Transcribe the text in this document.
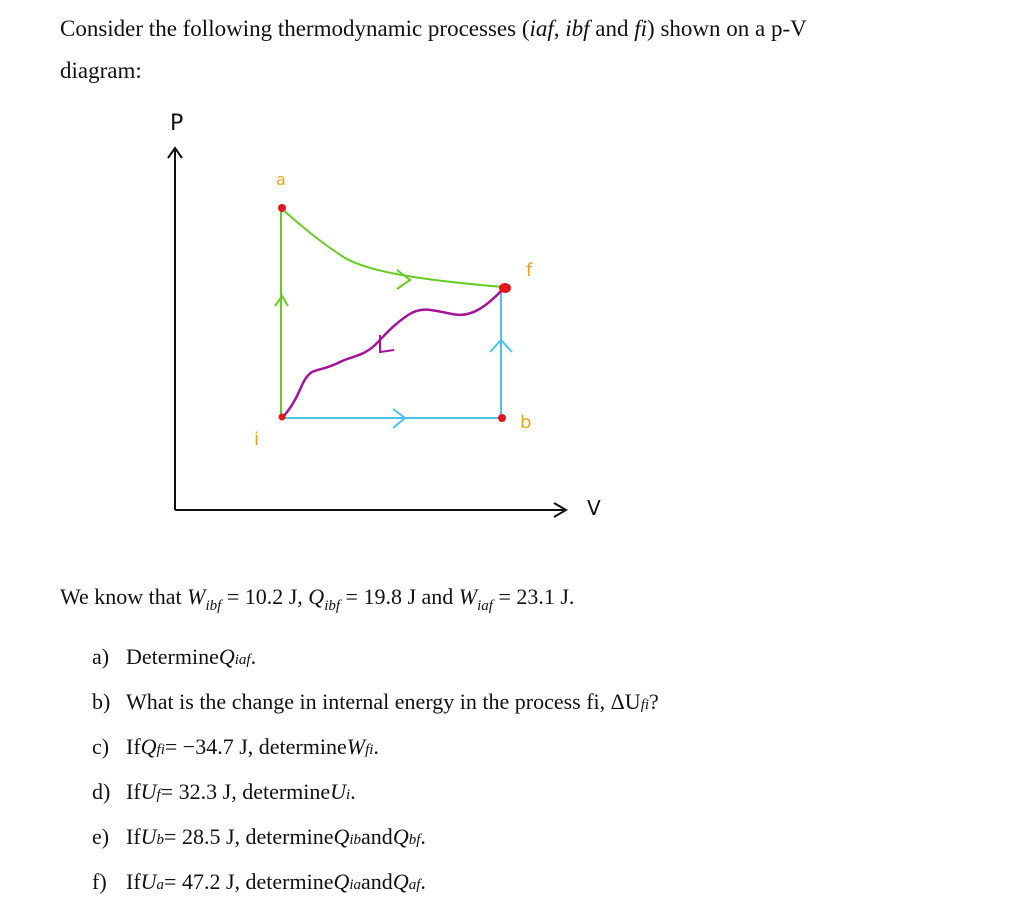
Consider the following thermodynamic processes (iaf, ibf and fi) shown on a p-V
diagram:
P
V
a
f
b
i
We know that $W_{ibf} = 10.2$ J, $Q_{ibf} = 19.8$ J and $W_{iaf} = 23.1$ J.
a) Determine Q iaf .
b) What is the change in internal energy in the process fi, ΔU fi ?
c) If Q fi = −34.7 J, determine W fi .
d) If U f = 32.3 J, determine U i .
e) If U b = 28.5 J, determine Q ib and Q bf .
f) If U a = 47.2 J, determine Q ia and Q af .
